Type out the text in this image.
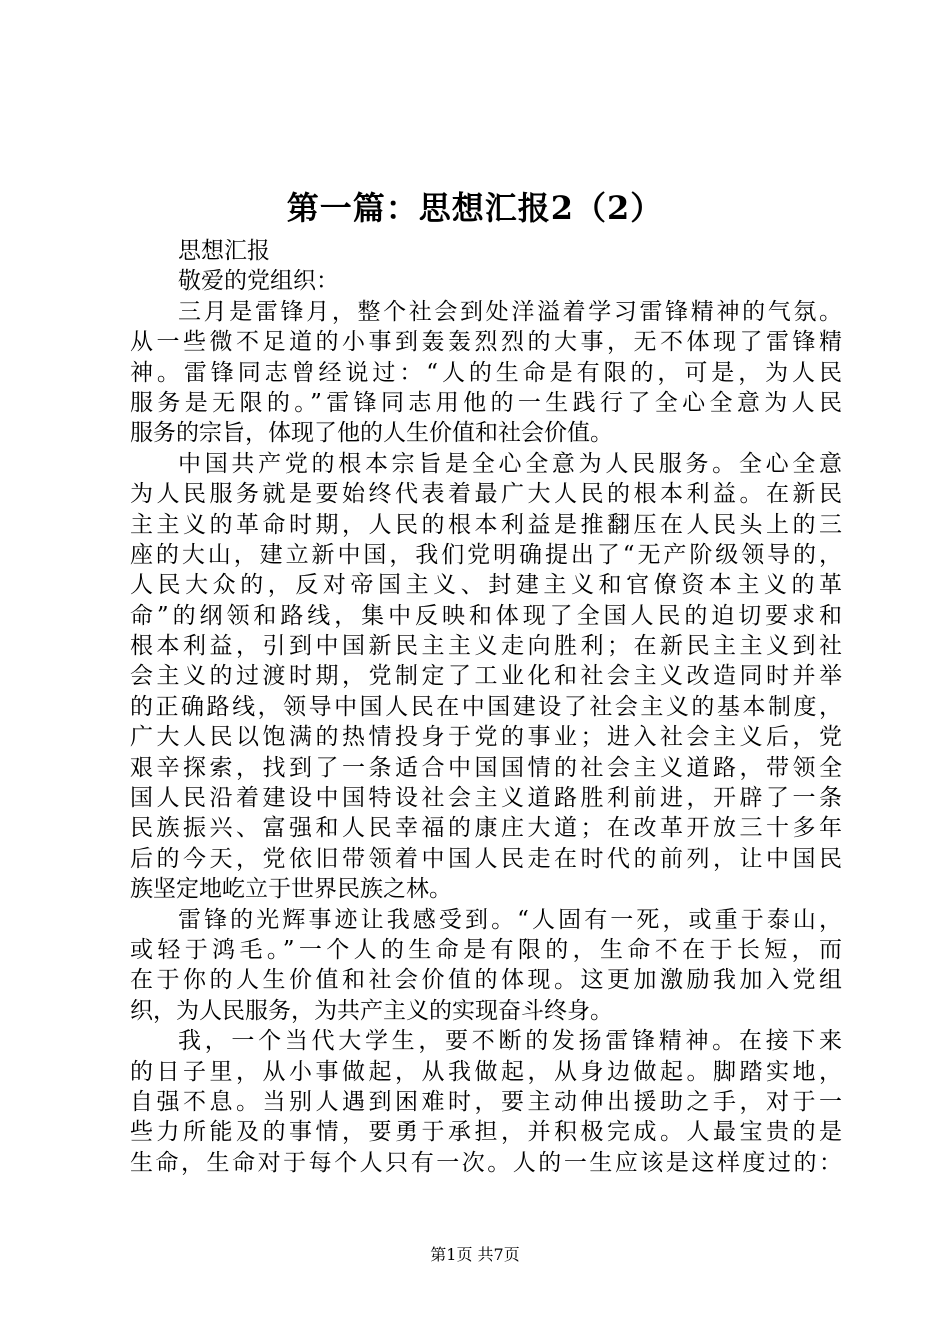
第一篇：思想汇报2（2）
思想汇报
敬爱的党组织：
三月是雷锋月，整个社会到处洋溢着学习雷锋精神的气氛。
从一些微不足道的小事到轰轰烈烈的大事，无不体现了雷锋精
神。雷锋同志曾经说过：“人的生命是有限的，可是，为人民
服务是无限的。”雷锋同志用他的一生践行了全心全意为人民
服务的宗旨，体现了他的人生价值和社会价值。
中国共产党的根本宗旨是全心全意为人民服务。全心全意
为人民服务就是要始终代表着最广大人民的根本利益。在新民
主主义的革命时期，人民的根本利益是推翻压在人民头上的三
座的大山，建立新中国，我们党明确提出了“无产阶级领导的，
人民大众的，反对帝国主义、封建主义和官僚资本主义的革
命”的纲领和路线，集中反映和体现了全国人民的迫切要求和
根本利益，引到中国新民主主义走向胜利；在新民主主义到社
会主义的过渡时期，党制定了工业化和社会主义改造同时并举
的正确路线，领导中国人民在中国建设了社会主义的基本制度，
广大人民以饱满的热情投身于党的事业；进入社会主义后，党
艰辛探索，找到了一条适合中国国情的社会主义道路，带领全
国人民沿着建设中国特设社会主义道路胜利前进，开辟了一条
民族振兴、富强和人民幸福的康庄大道；在改革开放三十多年
后的今天，党依旧带领着中国人民走在时代的前列，让中国民
族坚定地屹立于世界民族之林。
雷锋的光辉事迹让我感受到。“人固有一死，或重于泰山，
或轻于鸿毛。”一个人的生命是有限的，生命不在于长短，而
在于你的人生价值和社会价值的体现。这更加激励我加入党组
织，为人民服务，为共产主义的实现奋斗终身。
我，一个当代大学生，要不断的发扬雷锋精神。在接下来
的日子里，从小事做起，从我做起，从身边做起。脚踏实地，
自强不息。当别人遇到困难时，要主动伸出援助之手，对于一
些力所能及的事情，要勇于承担，并积极完成。人最宝贵的是
生命，生命对于每个人只有一次。人的一生应该是这样度过的：
第1页 共7页
